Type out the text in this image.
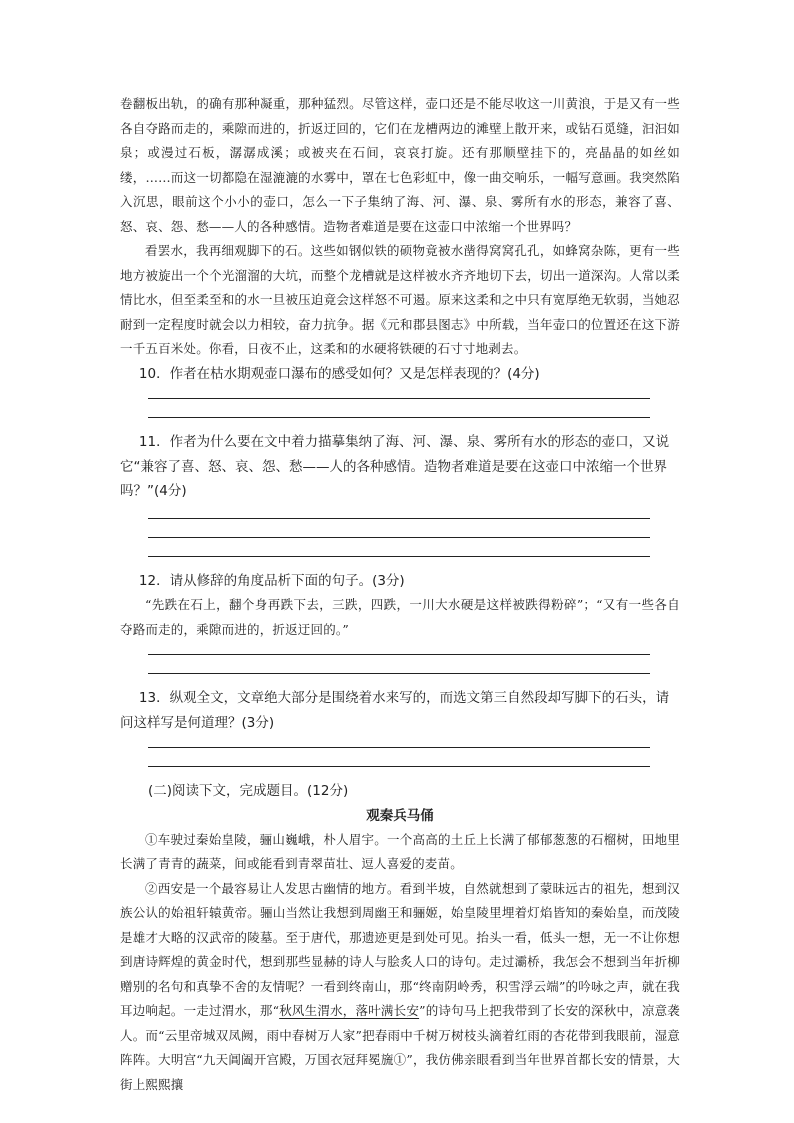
卷翻板出轨，的确有那种凝重，那种猛烈。尽管这样，壶口还是不能尽收这一川黄浪，于是又有一些各自夺路而走的，乘隙而进的，折返迂回的，它们在龙槽两边的滩壁上散开来，或钻石觅缝，汩汩如泉；或漫过石板，潺潺成溪；或被夹在石间，哀哀打旋。还有那顺壁挂下的，亮晶晶的如丝如缕，……而这一切都隐在湿漉漉的水雾中，罩在七色彩虹中，像一曲交响乐，一幅写意画。我突然陷入沉思，眼前这个小小的壶口，怎么一下子集纳了海、河、瀑、泉、雾所有水的形态，兼容了喜、怒、哀、怨、愁——人的各种感情。造物者难道是要在这壶口中浓缩一个世界吗？

看罢水，我再细观脚下的石。这些如钢似铁的硕物竟被水凿得窝窝孔孔，如蜂窝杂陈，更有一些地方被旋出一个个光溜溜的大坑，而整个龙槽就是这样被水齐齐地切下去，切出一道深沟。人常以柔情比水，但至柔至和的水一旦被压迫竟会这样怒不可遏。原来这柔和之中只有宽厚绝无软弱，当她忍耐到一定程度时就会以力相较，奋力抗争。据《元和郡县图志》中所载，当年壶口的位置还在这下游一千五百米处。你看，日夜不止，这柔和的水硬将铁硬的石寸寸地剥去。

10．作者在枯水期观壶口瀑布的感受如何？又是怎样表现的？(4分)

11．作者为什么要在文中着力描摹集纳了海、河、瀑、泉、雾所有水的形态的壶口，又说它“兼容了喜、怒、哀、怨、愁——人的各种感情。造物者难道是要在这壶口中浓缩一个世界吗？”(4分)

12．请从修辞的角度品析下面的句子。(3分)

“先跌在石上，翻个身再跌下去，三跌，四跌，一川大水硬是这样被跌得粉碎”；“又有一些各自夺路而走的，乘隙而进的，折返迂回的。”

13．纵观全文，文章绝大部分是围绕着水来写的，而选文第三自然段却写脚下的石头，请问这样写是何道理？(3分)

(二)阅读下文，完成题目。(12分)

观秦兵马俑

①车驶过秦始皇陵，骊山巍峨，朴人眉宇。一个高高的土丘上长满了郁郁葱葱的石榴树，田地里长满了青青的蔬菜，间或能看到青翠苗壮、逗人喜爱的麦苗。

②西安是一个最容易让人发思古幽情的地方。看到半坡，自然就想到了蒙昧远古的祖先，想到汉族公认的始祖轩辕黄帝。骊山当然让我想到周幽王和骊姬，始皇陵里埋着灯焰皆知的秦始皇，而茂陵是雄才大略的汉武帝的陵墓。至于唐代，那遗迹更是到处可见。抬头一看，低头一想，无一不让你想到唐诗辉煌的黄金时代，想到那些显赫的诗人与脍炙人口的诗句。走过灞桥，我怎会不想到当年折柳赠别的名句和真挚不舍的友情呢？一看到终南山，那“终南阴岭秀，积雪浮云端”的吟咏之声，就在我耳边响起。一走过渭水，那“秋风生渭水，落叶满长安”的诗句马上把我带到了长安的深秋中，凉意袭人。而“云里帝城双凤阙，雨中春树万人家”把春雨中千树万树枝头滴着红雨的杏花带到我眼前，湿意阵阵。大明宫“九天阊阖开宫殿，万国衣冠拜冕旒①”，我仿佛亲眼看到当年世界首都长安的情景，大街上熙熙攘
